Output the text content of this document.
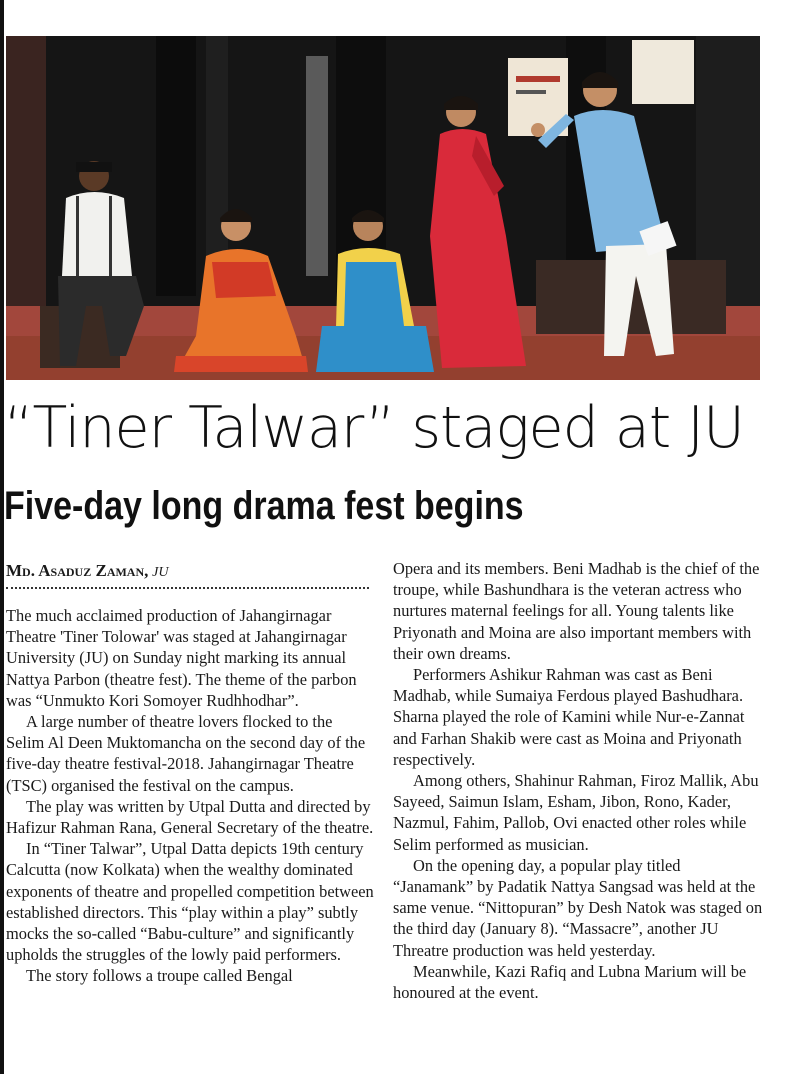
“Tiner Talwar” staged at JU
Five-day long drama fest begins
Md. Asaduz Zaman, JU

The much acclaimed production of Jahangirnagar Theatre 'Tiner Tolowar' was staged at Jahangirnagar University (JU) on Sunday night marking its annual Nattya Parbon (theatre fest). The theme of the parbon was “Unmukto Kori Somoyer Rudhhodhar”.

A large number of theatre lovers flocked to the Selim Al Deen Muktomancha on the second day of the five-day theatre festival-2018. Jahangirnagar Theatre (TSC) organised the festival on the campus.

The play was written by Utpal Dutta and directed by Hafizur Rahman Rana, General Secretary of the theatre.

In “Tiner Talwar”, Utpal Datta depicts 19th century Calcutta (now Kolkata) when the wealthy dominated exponents of theatre and propelled competition between established directors. This “play within a play” subtly mocks the so-called “Babu-culture” and significantly upholds the struggles of the lowly paid performers.

The story follows a troupe called Bengal

Opera and its members. Beni Madhab is the chief of the troupe, while Bashundhara is the veteran actress who nurtures maternal feelings for all. Young talents like Priyonath and Moina are also important members with their own dreams.

Performers Ashikur Rahman was cast as Beni Madhab, while Sumaiya Ferdous played Bashudhara. Sharna played the role of Kamini while Nur-e-Zannat and Farhan Shakib were cast as Moina and Priyonath respectively.

Among others, Shahinur Rahman, Firoz Mallik, Abu Sayeed, Saimun Islam, Esham, Jibon, Rono, Kader, Nazmul, Fahim, Pallob, Ovi enacted other roles while Selim performed as musician.

On the opening day, a popular play titled “Janamank” by Padatik Nattya Sangsad was held at the same venue. “Nittopuran” by Desh Natok was staged on the third day (January 8). “Massacre”, another JU Threatre production was held yesterday.

Meanwhile, Kazi Rafiq and Lubna Marium will be honoured at the event.
